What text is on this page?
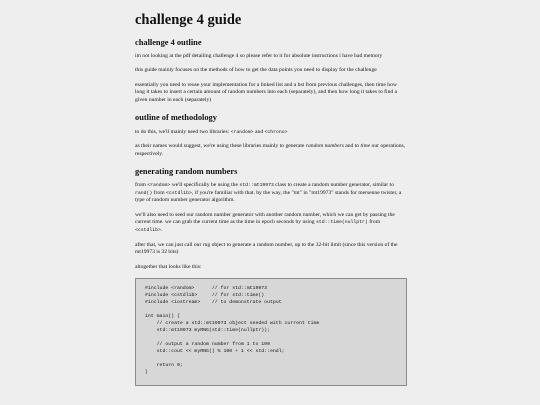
challenge 4 guide
challenge 4 outline

im not looking at the pdf detailing challenge 4 so please refer to it for absolute instructions i have bad memory

this guide mainly focuses on the methods of how to get the data points you need to display for the challenge

essentially you need to reuse your implementation for a linked list and a bst from previous challenges, then time how long it takes to insert a certain amount of random numbers into each (separately), and then how long it takes to find a given number in each (separately)

outline of methodology

to do this, we'll mainly need two libraries: <random> and <chrono>

as their names would suggest, we're using these libraries mainly to generate random numbers and to time our operations, respectively.

generating random numbers

from <random> we'll specifically be using the std::mt19973 class to create a random number generator, similar to rand() from <cstdlib>, if you're familiar with that. by the way, the "mt" in "mt19973" stands for mersenne twister, a type of random number generator algorithm.

we'll also need to seed our random number generator with another random number, which we can get by passing the current time. we can grab the current time as the time in epoch seconds by using std::time(nullptr) from <cstdlib>.

after that, we can just call our rng object to generate a random number, up to the 32-bit limit (since this version of the mt19973 is 32 bits)

altogether that looks like this:

#include <random>      // for std::mt19973
#include <cstdlib>     // for std::time()
#include <iostream>    // to demonstrate output

int main() {
// create a std::mt19973 object seeded with current time
std::mt19973 myRNG(std::time(nullptr));

// output a random number from 1 to 100
std::cout << myRNG() % 100 + 1 << std::endl;

return 0;
}
